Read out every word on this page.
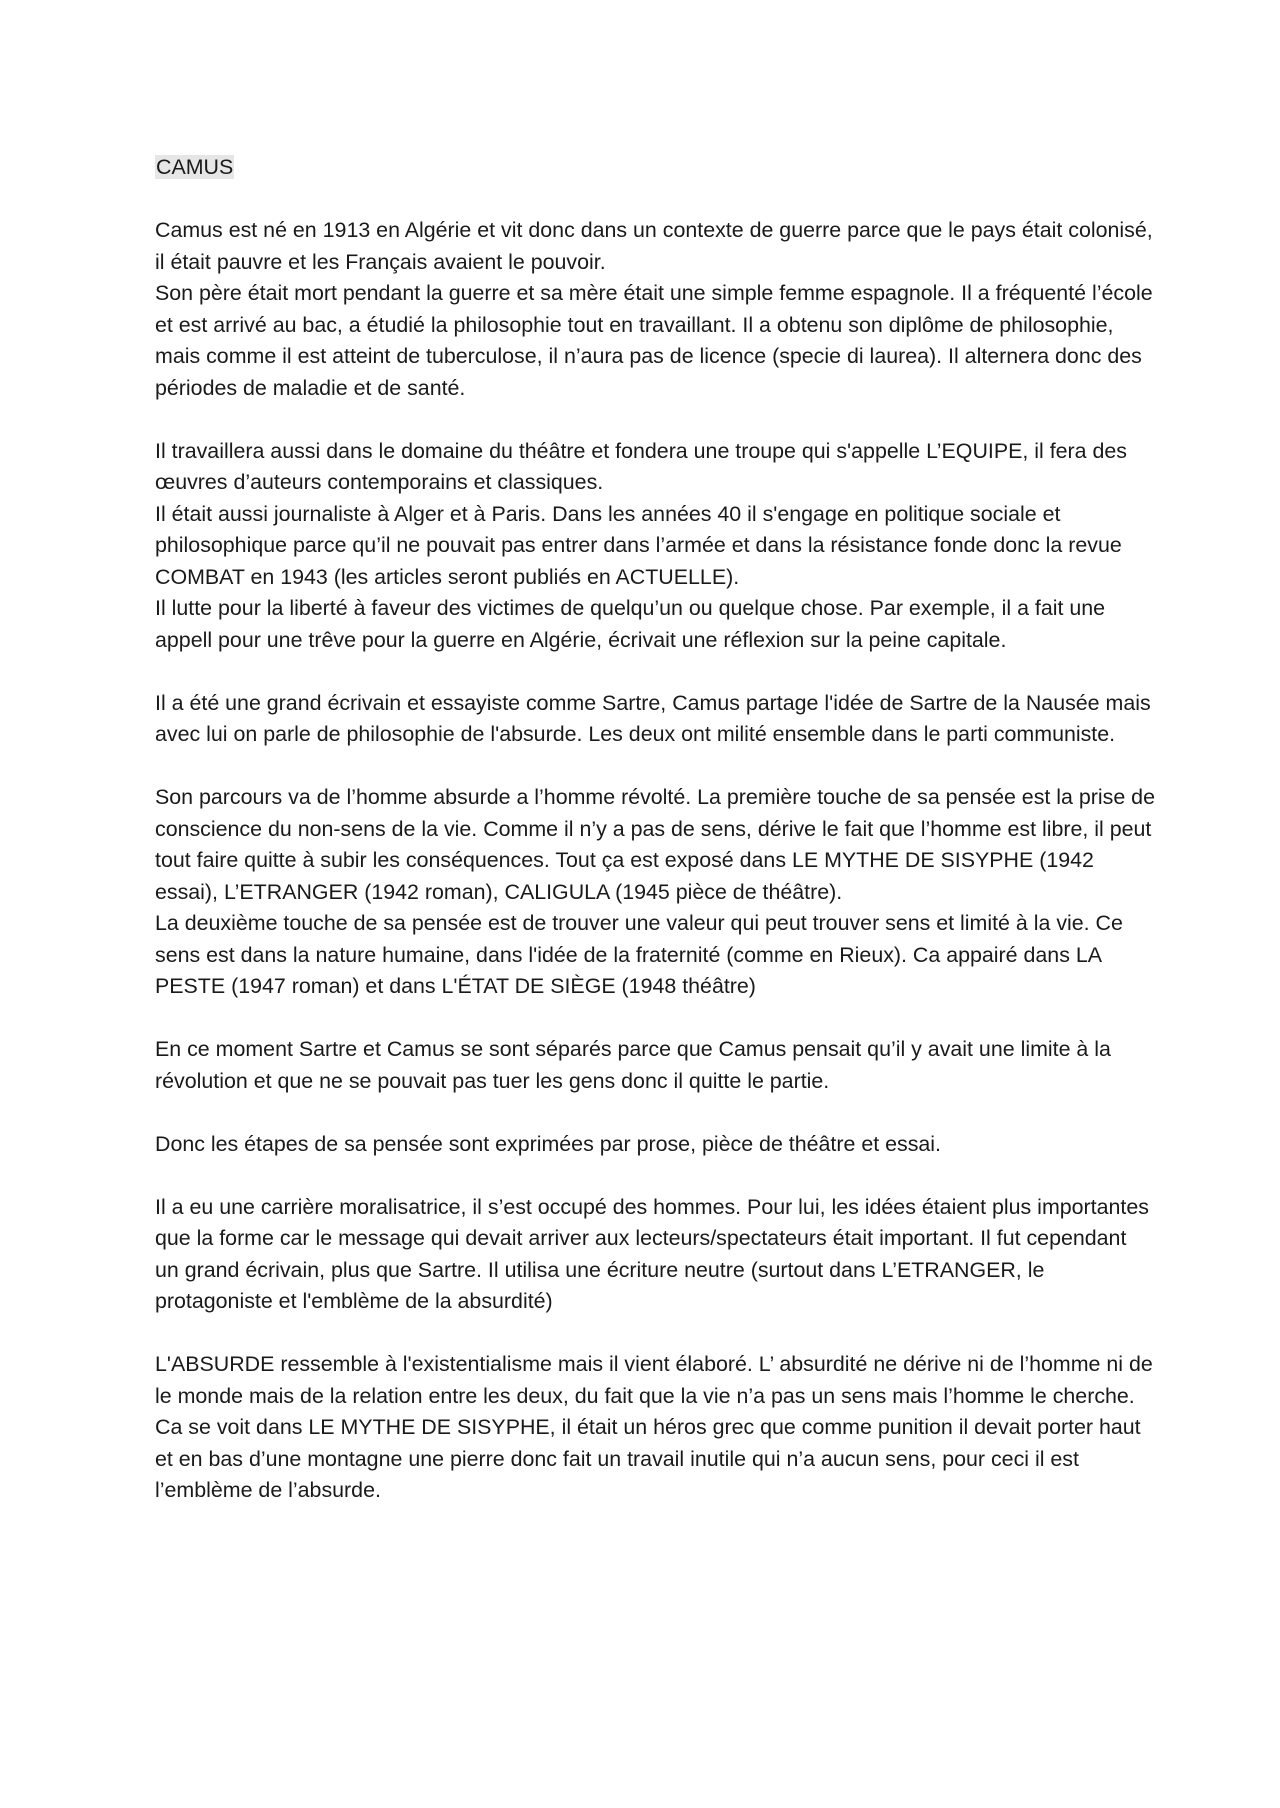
CAMUS

Camus est né en 1913 en Algérie et vit donc dans un contexte de guerre parce que le pays était colonisé, il était pauvre et les Français avaient le pouvoir.

Son père était mort pendant la guerre et sa mère était une simple femme espagnole. Il a fréquenté l’école et est arrivé au bac, a étudié la philosophie tout en travaillant. Il a obtenu son diplôme de philosophie, mais comme il est atteint de tuberculose, il n’aura pas de licence (specie di laurea). Il alternera donc des périodes de maladie et de santé.

Il travaillera aussi dans le domaine du théâtre et fondera une troupe qui s'appelle L’EQUIPE, il fera des œuvres d’auteurs contemporains et classiques.

Il était aussi journaliste à Alger et à Paris. Dans les années 40 il s'engage en politique sociale et philosophique parce qu’il ne pouvait pas entrer dans l’armée et dans la résistance fonde donc la revue COMBAT en 1943 (les articles seront publiés en ACTUELLE).

Il lutte pour la liberté à faveur des victimes de quelqu’un ou quelque chose. Par exemple, il a fait une appell pour une trêve pour la guerre en Algérie, écrivait une réflexion sur la peine capitale.

Il a été une grand écrivain et essayiste comme Sartre, Camus partage l'idée de Sartre de la Nausée mais avec lui on parle de philosophie de l'absurde. Les deux ont milité ensemble dans le parti communiste.

Son parcours va de l’homme absurde a l’homme révolté. La première touche de sa pensée est la prise de conscience du non-sens de la vie. Comme il n’y a pas de sens, dérive le fait que l’homme est libre, il peut tout faire quitte à subir les conséquences. Tout ça est exposé dans LE MYTHE DE SISYPHE (1942 essai), L’ETRANGER (1942 roman), CALIGULA (1945 pièce de théâtre).

La deuxième touche de sa pensée est de trouver une valeur qui peut trouver sens et limité à la vie. Ce sens est dans la nature humaine, dans l'idée de la fraternité (comme en Rieux). Ca appairé dans LA PESTE (1947 roman) et dans L'ÉTAT DE SIÈGE (1948 théâtre)

En ce moment Sartre et Camus se sont séparés parce que Camus pensait qu’il y avait une limite à la révolution et que ne se pouvait pas tuer les gens donc il quitte le partie.

Donc les étapes de sa pensée sont exprimées par prose, pièce de théâtre et essai.

Il a eu une carrière moralisatrice, il s’est occupé des hommes. Pour lui, les idées étaient plus importantes que la forme car le message qui devait arriver aux lecteurs/spectateurs était important. Il fut cependant un grand écrivain, plus que Sartre. Il utilisa une écriture neutre (surtout dans L’ETRANGER, le protagoniste et l'emblème de la absurdité)

L'ABSURDE ressemble à l'existentialisme mais il vient élaboré. L’ absurdité ne dérive ni de l’homme ni de le monde mais de la relation entre les deux, du fait que la vie n’a pas un sens mais l’homme le cherche.

Ca se voit dans LE MYTHE DE SISYPHE, il était un héros grec que comme punition il devait porter haut et en bas d’une montagne une pierre donc fait un travail inutile qui n’a aucun sens, pour ceci il est l’emblème de l’absurde.
